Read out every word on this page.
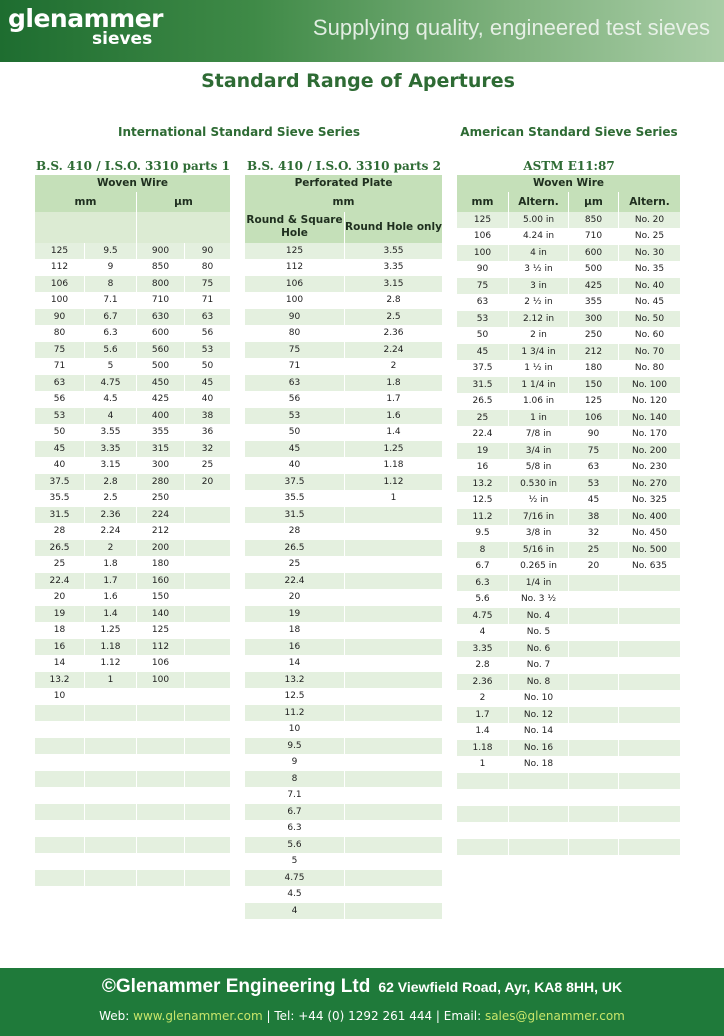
glenammer
sieves	Supplying quality, engineered test sieves
Standard Range of Apertures
International Standard Sieve Series	American Standard Sieve Series
B.S. 410 / I.S.O. 3310 parts 1 B.S. 410 / I.S.O. 3310 parts 2	ASTM E11:87
Woven Wire			
mm		µm	

125	9.5	900	90
112	9	850	80
106	8	800	75
100	7.1	710	71
90	6.7	630	63
80	6.3	600	56
75	5.6	560	53
71	5	500	50
63	4.75	450	45
56	4.5	425	40
53	4	400	38
50	3.55	355	36
45	3.35	315	32
40	3.15	300	25
37.5	2.8	280	20
35.5	2.5	250	
31.5	2.36	224	
28	2.24	212	
26.5	2	200	
25	1.8	180	
22.4	1.7	160	
20	1.6	150	
19	1.4	140	
18	1.25	125	
16	1.18	112	
14	1.12	106	
13.2	1	100	
10			

Perforated Plate	
mm	
Round & Square Hole	Round Hole only
125	3.55
112	3.35
106	3.15
100	2.8
90	2.5
80	2.36
75	2.24
71	2
63	1.8
56	1.7
53	1.6
50	1.4
45	1.25
40	1.18
37.5	1.12
35.5	1
31.5	
28	
26.5	
25	
22.4	
20	
19	
18	
16	
14	
13.2	
12.5	
11.2	
10	
9.5	
9	
8	
7.1	
6.7	
6.3	
5.6	
5	
4.75	
4.5	
4	
Woven Wire			
mm	Altern.	µm	Altern.

125	5.00 in	850	No. 20
106	4.24 in	710	No. 25
100	4 in	600	No. 30
90	3 ½ in	500	No. 35
75	3 in	425	No. 40
63	2 ½ in	355	No. 45
53	2.12 in	300	No. 50
50	2 in	250	No. 60
45	1 3/4 in	212	No. 70
37.5	1 ½ in	180	No. 80
31.5	1 1/4 in	150	No. 100
26.5	1.06 in	125	No. 120
25	1 in	106	No. 140
22.4	7/8 in	90	No. 170
19	3/4 in	75	No. 200
16	5/8 in	63	No. 230
13.2	0.530 in	53	No. 270
12.5	½ in	45	No. 325
11.2	7/16 in	38	No. 400
9.5	3/8 in	32	No. 450
8	5/16 in	25	No. 500
6.7	0.265 in	20	No. 635
6.3	1/4 in		
5.6	No. 3 ½		
4.75	No. 4		
4	No. 5		
3.35	No. 6		
2.8	No. 7		
2.36	No. 8		
2	No. 10		
1.7	No. 12		
1.4	No. 14		
1.18	No. 16		
1	No. 18		

©Glenammer Engineering Ltd 62 Viewfield Road, Ayr, KA8 8HH, UK
Web: www.glenammer.com | Tel: +44 (0) 1292 261 444 | Email: sales@glenammer.com
